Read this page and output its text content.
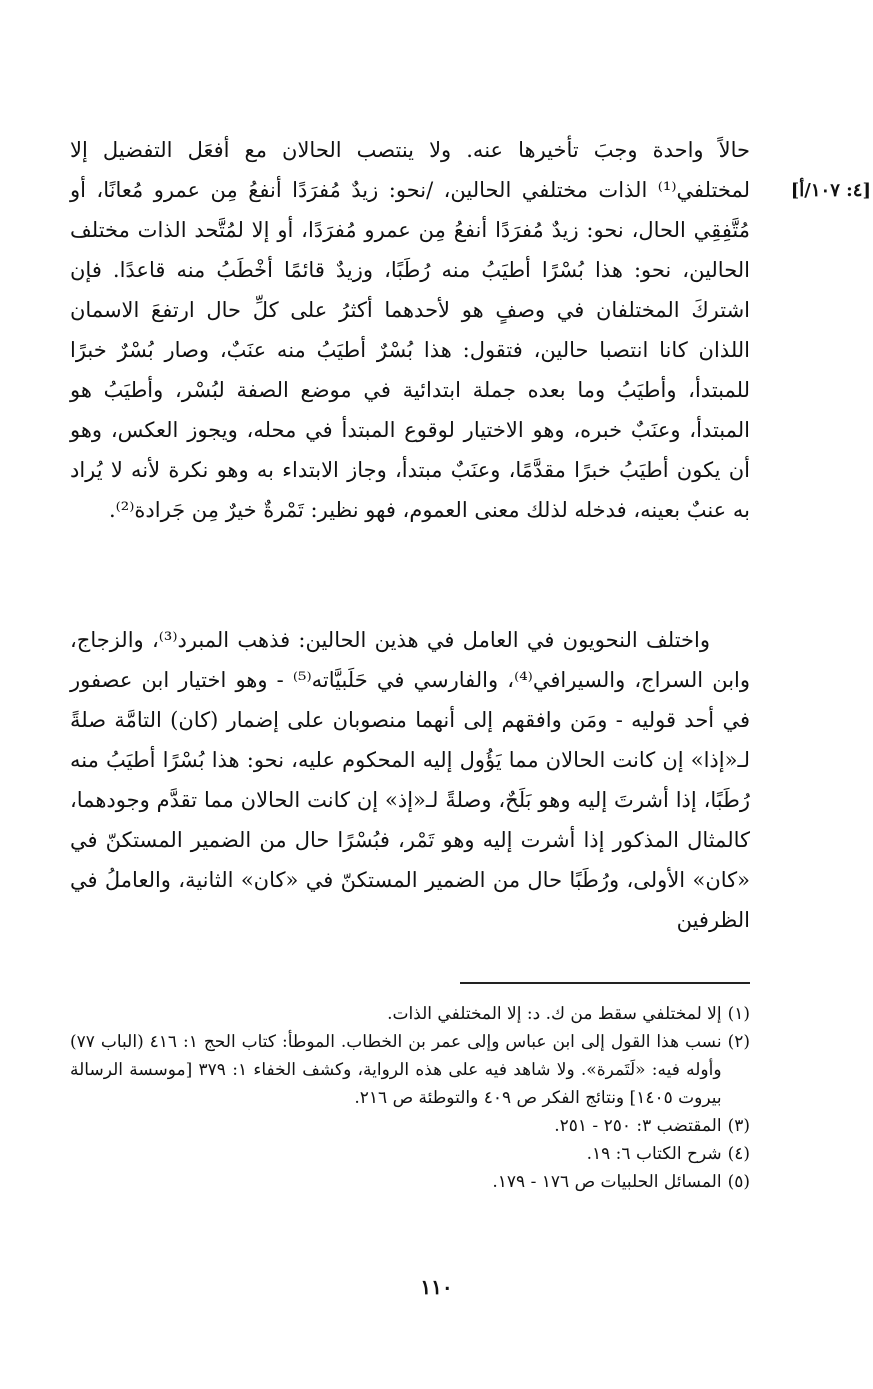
[٤: ١٠٧/أ]

حالاً واحدة وجبَ تأخيرها عنه. ولا ينتصب الحالان مع أفعَل التفضيل إلا لمختلفي⁽¹⁾ الذات مختلفي الحالين، /نحو: زيدٌ مُفرَدًا أنفعُ مِن عمرو مُعانًا، أو مُتَّفِقِي الحال، نحو: زيدٌ مُفرَدًا أنفعُ مِن عمرو مُفرَدًا، أو إلا لمُتَّحد الذات مختلف الحالين، نحو: هذا بُسْرًا أطيَبُ منه رُطَبًا، وزيدٌ قائمًا أخْطَبُ منه قاعدًا. فإن اشتركَ المختلفان في وصفٍ هو لأحدهما أكثرُ على كلِّ حال ارتفعَ الاسمان اللذان كانا انتصبا حالين، فتقول: هذا بُسْرٌ أطيَبُ منه عنَبٌ، وصار بُسْرٌ خبرًا للمبتدأ، وأطيَبُ وما بعده جملة ابتدائية في موضع الصفة لبُسْر، وأطيَبُ هو المبتدأ، وعنَبٌ خبره، وهو الاختيار لوقوع المبتدأ في محله، ويجوز العكس، وهو أن يكون أطيَبُ خبرًا مقدَّمًا، وعنَبٌ مبتدأ، وجاز الابتداء به وهو نكرة لأنه لا يُراد به عنبٌ بعينه، فدخله لذلك معنى العموم، فهو نظير: تَمْرةٌ خيرٌ مِن جَرادة⁽²⁾.

واختلف النحويون في العامل في هذين الحالين: فذهب المبرد⁽³⁾، والزجاج، وابن السراج، والسيرافي⁽⁴⁾، والفارسي في حَلَبيَّاته⁽⁵⁾ - وهو اختيار ابن عصفور في أحد قوليه - ومَن وافقهم إلى أنهما منصوبان على إضمار (كان) التامَّة صلةً لـ«إذا» إن كانت الحالان مما يَؤُول إليه المحكوم عليه، نحو: هذا بُسْرًا أطيَبُ منه رُطَبًا، إذا أشرتَ إليه وهو بَلَحٌ، وصلةً لـ«إذ» إن كانت الحالان مما تقدَّم وجودهما، كالمثال المذكور إذا أشرت إليه وهو تَمْر، فبُسْرًا حال من الضمير المستكنّ في «كان» الأولى، ورُطَبًا حال من الضمير المستكنّ في «كان» الثانية، والعاملُ في الظرفين

(١)
إلا لمختلفي سقط من ك. د: إلا المختلفي الذات.
(٢)
نسب هذا القول إلى ابن عباس وإلى عمر بن الخطاب. الموطأ: كتاب الحج ١: ٤١٦ (الباب ٧٧) وأوله فيه: «لَتَمرة». ولا شاهد فيه على هذه الرواية، وكشف الخفاء ١: ٣٧٩ [موسسة الرسالة بيروت ١٤٠٥] ونتائج الفكر ص ٤٠٩ والتوطئة ص ٢١٦.
(٣)
المقتضب ٣: ٢٥٠ - ٢٥١.
(٤)
شرح الكتاب ٦: ١٩.
(٥)
المسائل الحلبيات ص ١٧٦ - ١٧٩.
١١٠
